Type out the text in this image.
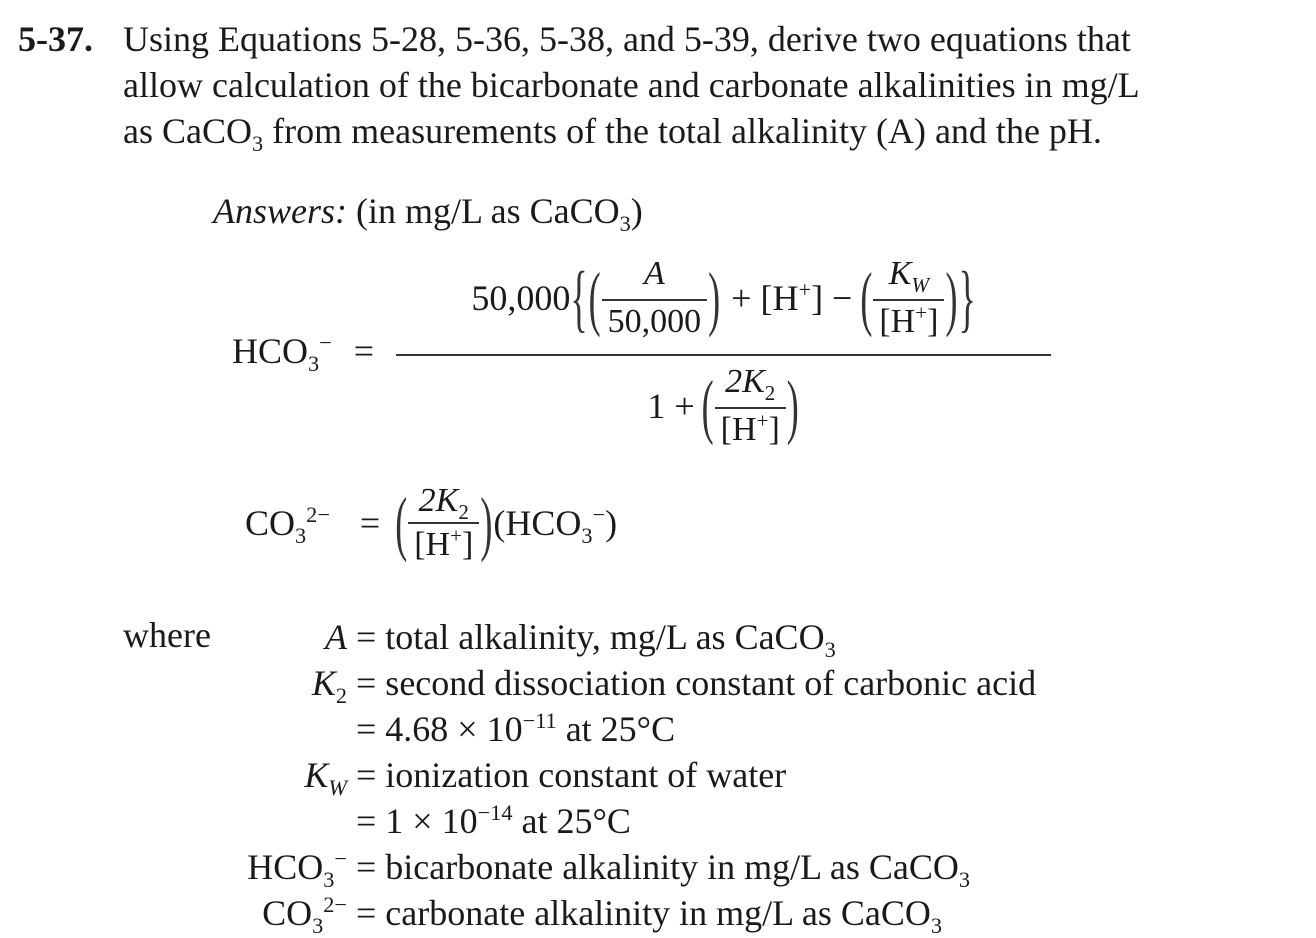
5-37. Using Equations 5-28, 5-36, 5-38, and 5-39, derive two equations that
allow calculation of the bicarbonate and carbonate alkalinities in mg/L
as CaCO$_3$ from measurements of the total alkalinity (A) and the pH.
Answers: (in mg/L as CaCO$_3$)
$HCO_3^-$ =
50,000 { ( $\frac{A}{50,000}$ ) + [H+] − ( $\frac{K_W}{[H^+]}$ ) }
1 + ( $\frac{2K_2}{[H^+]}$ )
$CO_3^{2-}$ = ( $\frac{2K_2}{[H^+]}$ ) $(HCO_3^-)$
where	A = total alkalinity, mg/L as CaCO$_3$
$K_2$ = second dissociation constant of carbonic acid
= $4.68 \times 10^{-11}$ at 25°C
$K_W$ = ionization constant of water
= $1 \times 10^{-14}$ at 25°C
$HCO_3^-$ = bicarbonate alkalinity in mg/L as CaCO$_3$
$CO_3^{2-}$ = carbonate alkalinity in mg/L as CaCO$_3$
